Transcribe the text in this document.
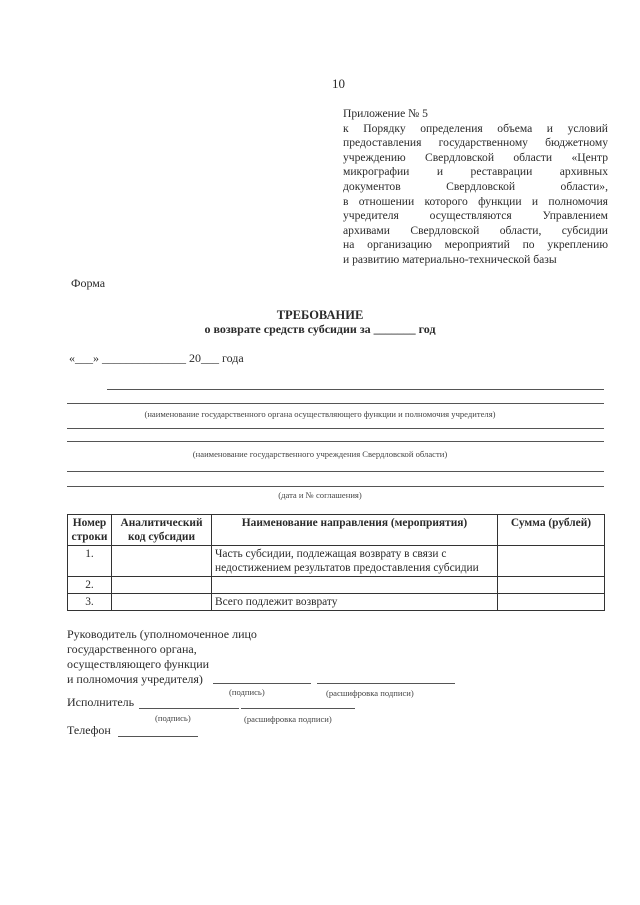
10
Приложение № 5
к Порядку определения объема и условий
предоставления государственному бюджетному
учреждению Свердловской области «Центр
микрографии и реставрации архивных
документов Свердловской области»,
в отношении которого функции и полномочия
учредителя осуществляются Управлением
архивами Свердловской области, субсидии
на организацию мероприятий по укреплению
и развитию материально-технической базы
Форма
ТРЕБОВАНИЕ
о возврате средств субсидии за _______ год
«___» ______________ 20___ года
(наименование государственного органа осуществляющего функции и полномочия учредителя)
(наименование государственного учреждения Свердловской области)
(дата и № соглашения)
Номер строки	Аналитический код субсидии	Наименование направления (мероприятия)	Сумма (рублей)
1.		Часть субсидии, подлежащая возврату в связи с недостижением результатов предоставления субсидии	
2.			
3.		Всего подлежит возврату	
Руководитель (уполномоченное лицо
государственного органа,
осуществляющего функции
и полномочия учредителя)
(подпись)	(расшифровка подписи)
Исполнитель
(подпись)	(расшифровка подписи)
Телефон
